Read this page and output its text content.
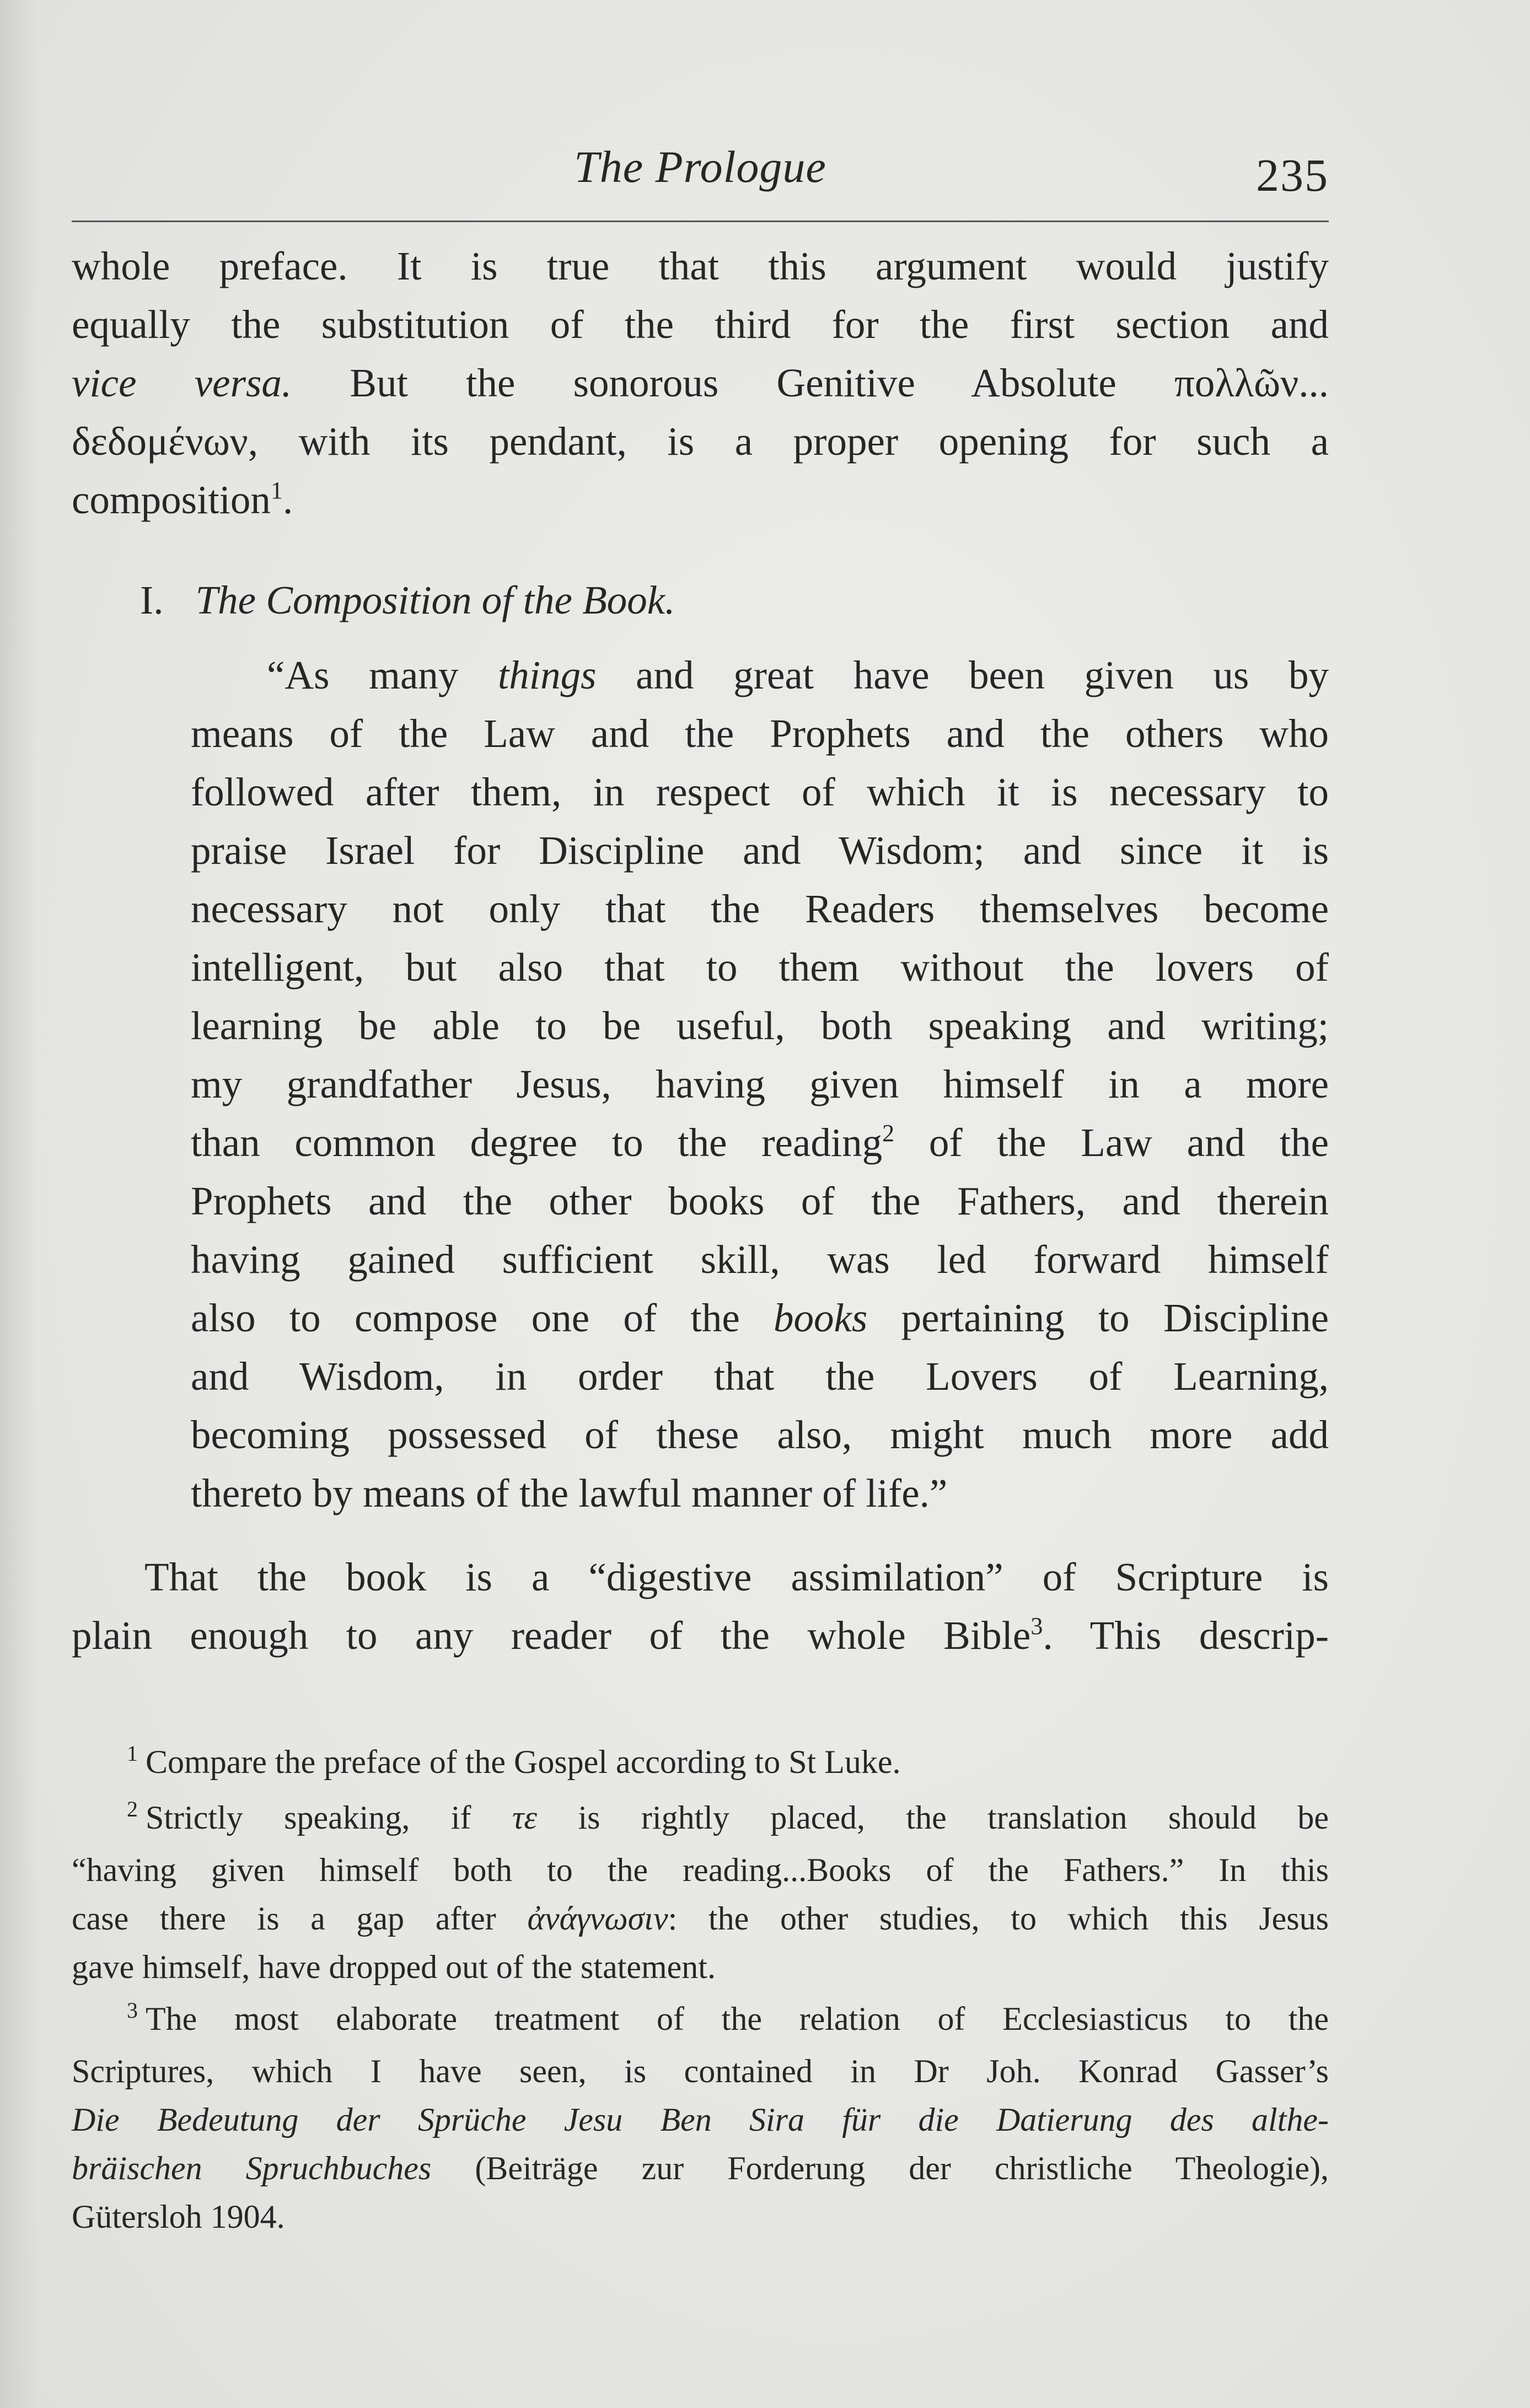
The Prologue	235
whole preface. It is true that this argument would justify
equally the substitution of the third for the first section and
vice versa. But the sonorous Genitive Absolute πολλῶν...
δεδομένων, with its pendant, is a proper opening for such a
composition$^1$.
I. The Composition of the Book.
“As many things and great have been given us by
means of the Law and the Prophets and the others who
followed after them, in respect of which it is necessary to
praise Israel for Discipline and Wisdom; and since it is
necessary not only that the Readers themselves become
intelligent, but also that to them without the lovers of
learning be able to be useful, both speaking and writing;
my grandfather Jesus, having given himself in a more
than common degree to the reading$^2$ of the Law and the
Prophets and the other books of the Fathers, and therein
having gained sufficient skill, was led forward himself
also to compose one of the books pertaining to Discipline
and Wisdom, in order that the Lovers of Learning,
becoming possessed of these also, might much more add
thereto by means of the lawful manner of life.”
That the book is a “digestive assimilation” of Scripture is
plain enough to any reader of the whole Bible$^3$. This descrip-
$^1$ Compare the preface of the Gospel according to St Luke.
$^2$ Strictly speaking, if τε is rightly placed, the translation should be
“having given himself both to the reading...Books of the Fathers.” In this
case there is a gap after ἀνάγνωσιν: the other studies, to which this Jesus
gave himself, have dropped out of the statement.
$^3$ The most elaborate treatment of the relation of Ecclesiasticus to the
Scriptures, which I have seen, is contained in Dr Joh. Konrad Gasser’s
Die Bedeutung der Sprüche Jesu Ben Sira für die Datierung des althe-
bräischen Spruchbuches (Beiträge zur Forderung der christliche Theologie),
Gütersloh 1904.
